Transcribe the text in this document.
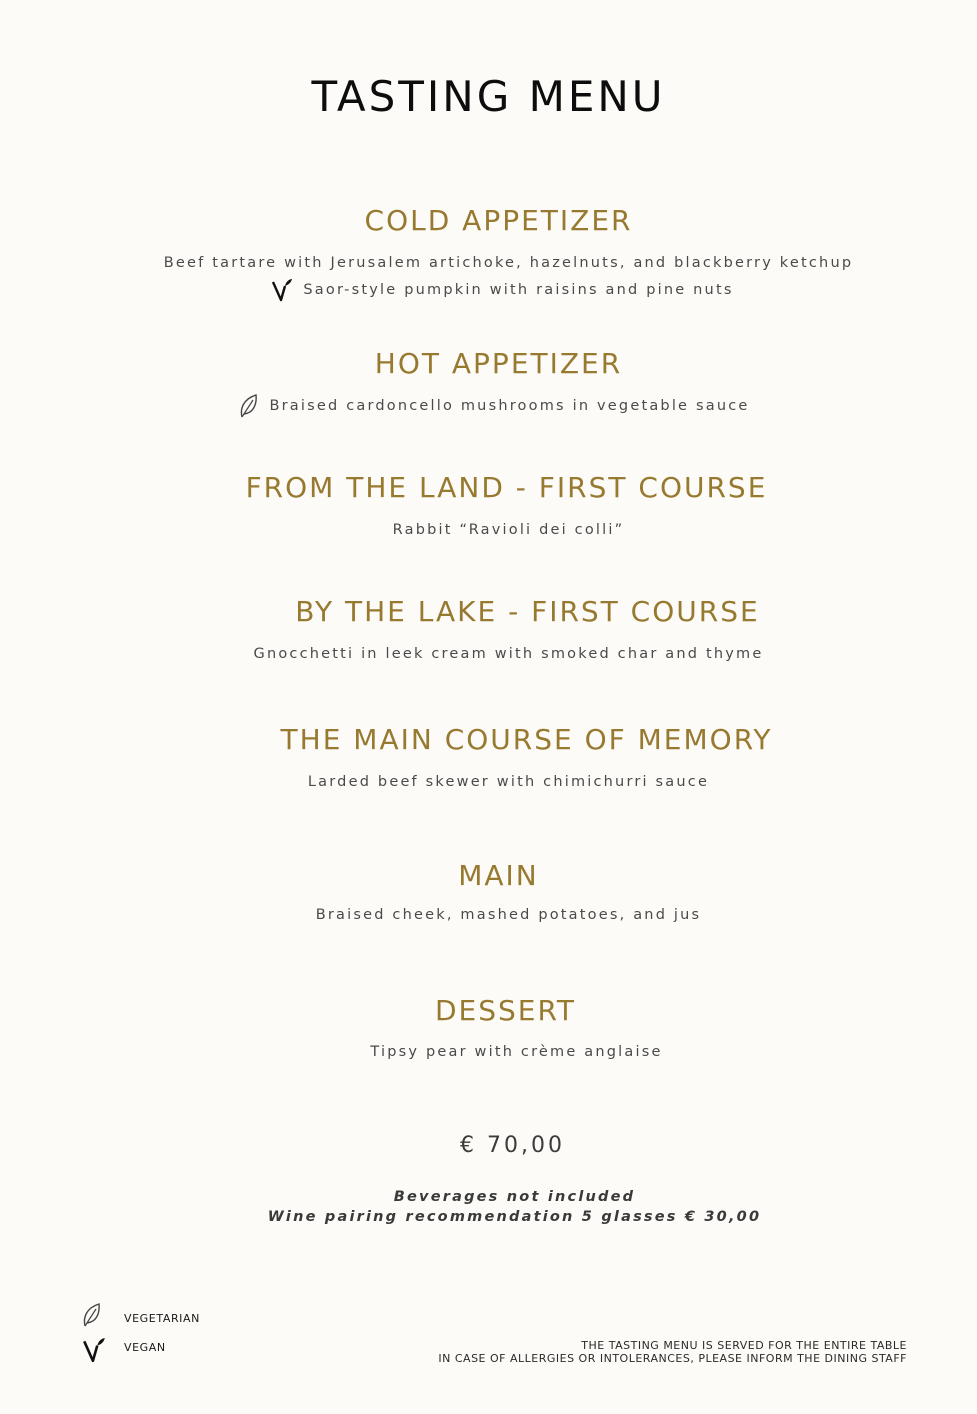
TASTING MENU
COLD APPETIZER
Beef tartare with Jerusalem artichoke, hazelnuts, and blackberry ketchup
Saor-style pumpkin with raisins and pine nuts
HOT APPETIZER
Braised cardoncello mushrooms in vegetable sauce
FROM THE LAND - FIRST COURSE
Rabbit “Ravioli dei colli”
BY THE LAKE - FIRST COURSE
Gnocchetti in leek cream with smoked char and thyme
THE MAIN COURSE OF MEMORY
Larded beef skewer with chimichurri sauce
MAIN
Braised cheek, mashed potatoes, and jus
DESSERT
Tipsy pear with crème anglaise
€ 70,00
Beverages not included
Wine pairing recommendation 5 glasses € 30,00
VEGETARIAN
VEGAN	THE TASTING MENU IS SERVED FOR THE ENTIRE TABLE
IN CASE OF ALLERGIES OR INTOLERANCES, PLEASE INFORM THE DINING STAFF
